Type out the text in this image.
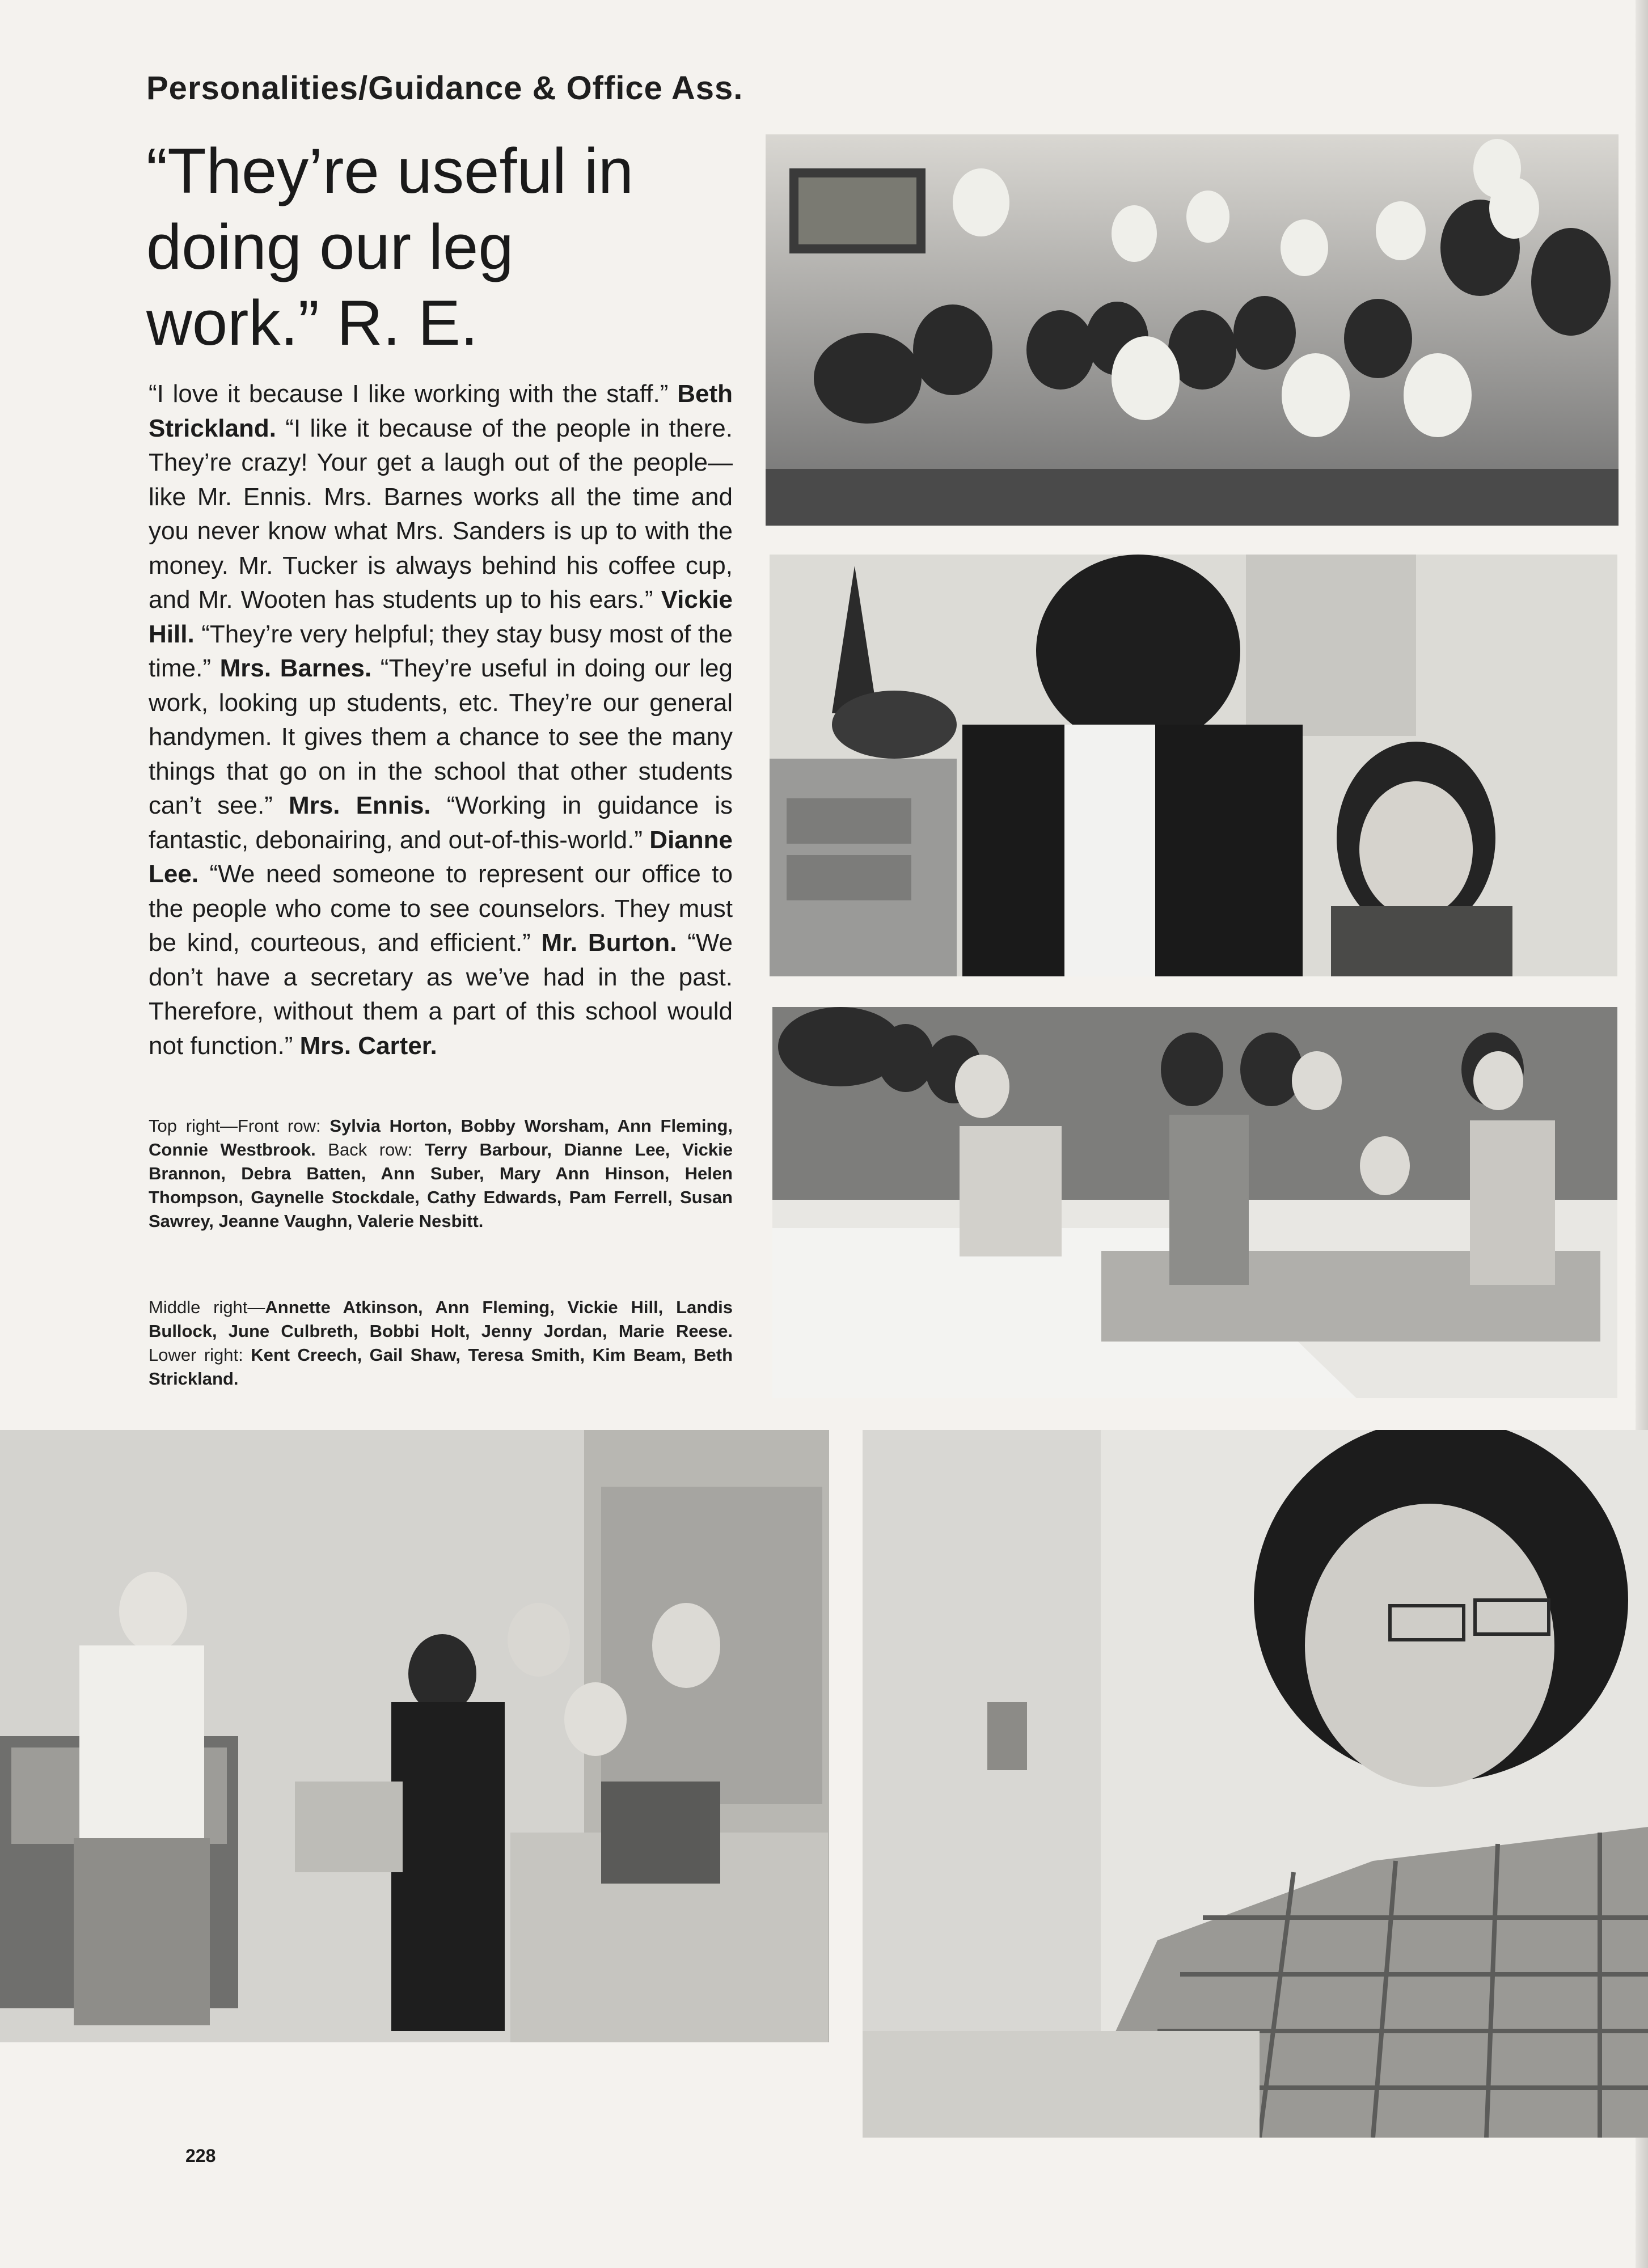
Personalities/Guidance & Office Ass.
“They’re useful in
doing our leg
work.” R. E.

“I love it because I like working with the staff.” Beth Strickland. “I like it because of the people in there. They’re crazy! Your get a laugh out of the people—like Mr. Ennis. Mrs. Barnes works all the time and you never know what Mrs. Sanders is up to with the money. Mr. Tucker is always behind his coffee cup, and Mr. Wooten has students up to his ears.” Vickie Hill. “They’re very helpful; they stay busy most of the time.” Mrs. Barnes. “They’re useful in doing our leg work, looking up students, etc. They’re our general handymen. It gives them a chance to see the many things that go on in the school that other students can’t see.” Mrs. Ennis. “Working in guidance is fantastic, debonairing, and out-of-this-world.” Dianne Lee. “We need someone to represent our office to the people who come to see counselors. They must be kind, courteous, and efficient.” Mr. Burton. “We don’t have a secretary as we’ve had in the past. Therefore, without them a part of this school would not function.” Mrs. Carter.

Top right—Front row: Sylvia Horton, Bobby Worsham, Ann Fleming, Connie Westbrook. Back row: Terry Barbour, Dianne Lee, Vickie Brannon, Debra Batten, Ann Suber, Mary Ann Hinson, Helen Thompson, Gaynelle Stockdale, Cathy Edwards, Pam Ferrell, Susan Sawrey, Jeanne Vaughn, Valerie Nesbitt.

Middle right—Annette Atkinson, Ann Fleming, Vickie Hill, Landis Bullock, June Culbreth, Bobbi Holt, Jenny Jordan, Marie Reese. Lower right: Kent Creech, Gail Shaw, Teresa Smith, Kim Beam, Beth Strickland.

228
